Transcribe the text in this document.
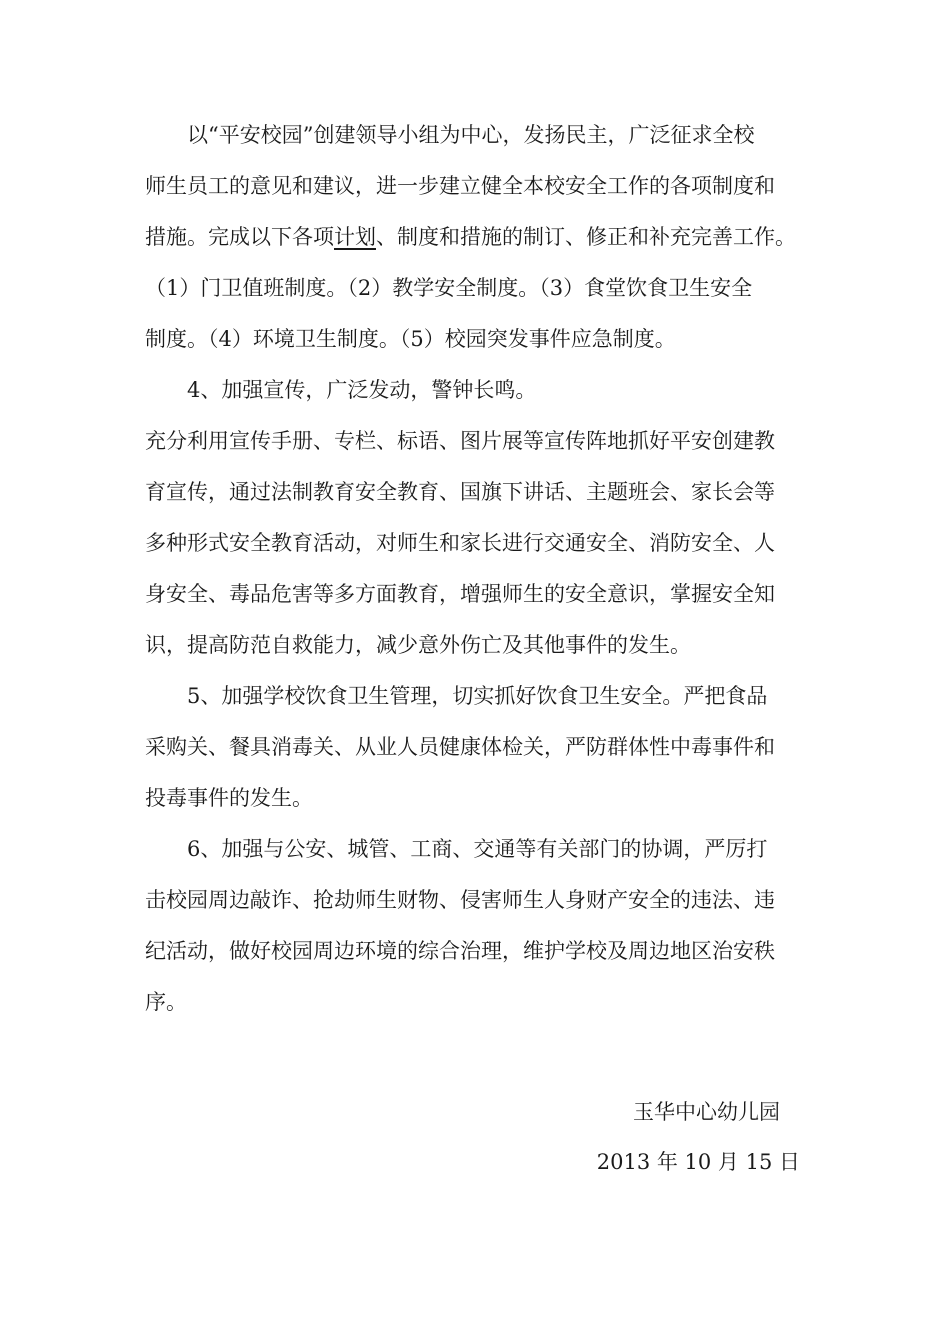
以“平安校园”创建领导小组为中心，发扬民主，广泛征求全校
师生员工的意见和建议，进一步建立健全本校安全工作的各项制度和
措施。完成以下各项计划、制度和措施的制订、修正和补充完善工作。
（1）门卫值班制度。（2）教学安全制度。（3）食堂饮食卫生安全
制度。（4）环境卫生制度。（5）校园突发事件应急制度。
4、加强宣传，广泛发动，警钟长鸣。
充分利用宣传手册、专栏、标语、图片展等宣传阵地抓好平安创建教
育宣传，通过法制教育安全教育、国旗下讲话、主题班会、家长会等
多种形式安全教育活动，对师生和家长进行交通安全、消防安全、人
身安全、毒品危害等多方面教育，增强师生的安全意识，掌握安全知
识，提高防范自救能力，减少意外伤亡及其他事件的发生。
5、加强学校饮食卫生管理，切实抓好饮食卫生安全。严把食品
采购关、餐具消毒关、从业人员健康体检关，严防群体性中毒事件和
投毒事件的发生。
6、加强与公安、城管、工商、交通等有关部门的协调，严厉打
击校园周边敲诈、抢劫师生财物、侵害师生人身财产安全的违法、违
纪活动，做好校园周边环境的综合治理，维护学校及周边地区治安秩
序。
玉华中心幼儿园
2013 年 10 月 15 日
